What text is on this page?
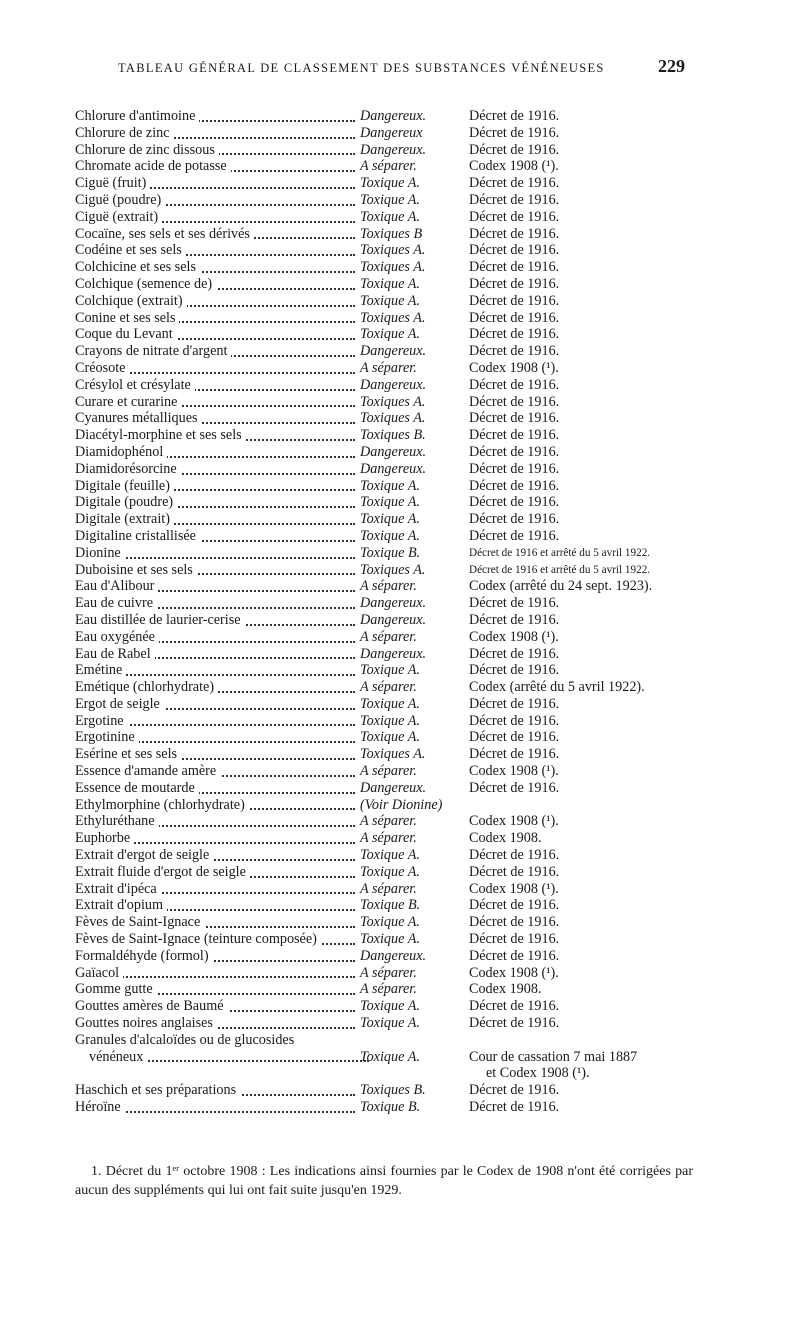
TABLEAU GÉNÉRAL DE CLASSEMENT DES SUBSTANCES VÉNÉNEUSES	229
Chlorure d'antimoine	Dangereux.	Décret de 1916.
Chlorure de zinc	Dangereux	Décret de 1916.
Chlorure de zinc dissous	Dangereux.	Décret de 1916.
Chromate acide de potasse	A séparer.	Codex 1908 (¹).
Ciguë (fruit)	Toxique A.	Décret de 1916.
Ciguë (poudre)	Toxique A.	Décret de 1916.
Ciguë (extrait)	Toxique A.	Décret de 1916.
Cocaïne, ses sels et ses dérivés	Toxiques B	Décret de 1916.
Codéine et ses sels	Toxiques A.	Décret de 1916.
Colchicine et ses sels	Toxiques A.	Décret de 1916.
Colchique (semence de)	Toxique A.	Décret de 1916.
Colchique (extrait)	Toxique A.	Décret de 1916.
Conine et ses sels	Toxiques A.	Décret de 1916.
Coque du Levant	Toxique A.	Décret de 1916.
Crayons de nitrate d'argent	Dangereux.	Décret de 1916.
Créosote	A séparer.	Codex 1908 (¹).
Crésylol et crésylate	Dangereux.	Décret de 1916.
Curare et curarine	Toxiques A.	Décret de 1916.
Cyanures métalliques	Toxiques A.	Décret de 1916.
Diacétyl-morphine et ses sels	Toxiques B.	Décret de 1916.
Diamidophénol	Dangereux.	Décret de 1916.
Diamidorésorcine	Dangereux.	Décret de 1916.
Digitale (feuille)	Toxique A.	Décret de 1916.
Digitale (poudre)	Toxique A.	Décret de 1916.
Digitale (extrait)	Toxique A.	Décret de 1916.
Digitaline cristallisée	Toxique A.	Décret de 1916.
Dionine	Toxique B.	Décret de 1916 et arrêté du 5 avril 1922.
Duboisine et ses sels	Toxiques A.	Décret de 1916 et arrêté du 5 avril 1922.
Eau d'Alibour	A séparer.	Codex (arrêté du 24 sept. 1923).
Eau de cuivre	Dangereux.	Décret de 1916.
Eau distillée de laurier-cerise	Dangereux.	Décret de 1916.
Eau oxygénée	A séparer.	Codex 1908 (¹).
Eau de Rabel	Dangereux.	Décret de 1916.
Emétine	Toxique A.	Décret de 1916.
Emétique (chlorhydrate)	A séparer.	Codex (arrêté du 5 avril 1922).
Ergot de seigle	Toxique A.	Décret de 1916.
Ergotine	Toxique A.	Décret de 1916.
Ergotinine	Toxique A.	Décret de 1916.
Esérine et ses sels	Toxiques A.	Décret de 1916.
Essence d'amande amère	A séparer.	Codex 1908 (¹).
Essence de moutarde	Dangereux.	Décret de 1916.
Ethylmorphine (chlorhydrate)	(Voir Dionine)
Ethyluréthane	A séparer.	Codex 1908 (¹).
Euphorbe	A séparer.	Codex 1908.
Extrait d'ergot de seigle	Toxique A.	Décret de 1916.
Extrait fluide d'ergot de seigle	Toxique A.	Décret de 1916.
Extrait d'ipéca	A séparer.	Codex 1908 (¹).
Extrait d'opium	Toxique B.	Décret de 1916.
Fèves de Saint-Ignace	Toxique A.	Décret de 1916.
Fèves de Saint-Ignace (teinture composée)	Toxique A.	Décret de 1916.
Formaldéhyde (formol)	Dangereux.	Décret de 1916.
Gaïacol	A séparer.	Codex 1908 (¹).
Gomme gutte	A séparer.	Codex 1908.
Gouttes amères de Baumé	Toxique A.	Décret de 1916.
Gouttes noires anglaises	Toxique A.	Décret de 1916.
Granules d'alcaloïdes ou de glucosides
vénéneux	Toxique A.	Cour de cassation 7 mai 1887
et Codex 1908 (¹).
Haschich et ses préparations	Toxiques B.	Décret de 1916.
Héroïne	Toxique B.	Décret de 1916.

1. Décret du 1ᵉʳ octobre 1908 : Les indications ainsi fournies par le Codex de 1908 n'ont été corrigées par aucun des suppléments qui lui ont fait suite jusqu'en 1929.
